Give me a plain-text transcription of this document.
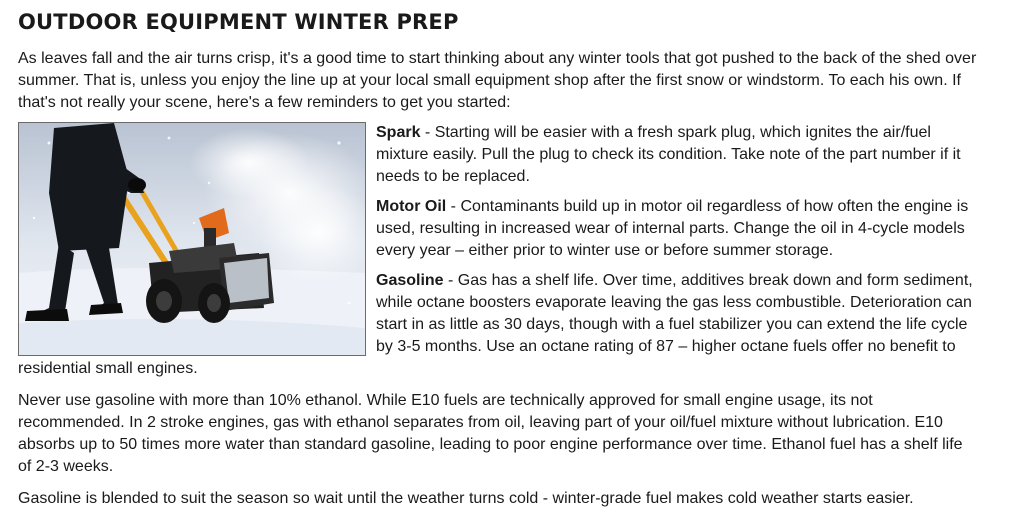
OUTDOOR EQUIPMENT WINTER PREP

As leaves fall and the air turns crisp, it's a good time to start thinking about any winter tools that got pushed to the back of the shed over summer. That is, unless you enjoy the line up at your local small equipment shop after the first snow or windstorm. To each his own. If that's not really your scene, here's a few reminders to get you started:

Spark - Starting will be easier with a fresh spark plug, which ignites the air/fuel mixture easily. Pull the plug to check its condition. Take note of the part number if it needs to be replaced.

Motor Oil - Contaminants build up in motor oil regardless of how often the engine is used, resulting in increased wear of internal parts. Change the oil in 4-cycle models every year – either prior to winter use or before summer storage.

Gasoline - Gas has a shelf life. Over time, additives break down and form sediment, while octane boosters evaporate leaving the gas less combustible. Deterioration can start in as little as 30 days, though with a fuel stabilizer you can extend the life cycle by 3-5 months. Use an octane rating of 87 – higher octane fuels offer no benefit to residential small engines.

Never use gasoline with more than 10% ethanol. While E10 fuels are technically approved for small engine usage, its not recommended. In 2 stroke engines, gas with ethanol separates from oil, leaving part of your oil/fuel mixture without lubrication. E10 absorbs up to 50 times more water than standard gasoline, leading to poor engine performance over time. Ethanol fuel has a shelf life of 2-3 weeks.

Gasoline is blended to suit the season so wait until the weather turns cold - winter-grade fuel makes cold weather starts easier.
